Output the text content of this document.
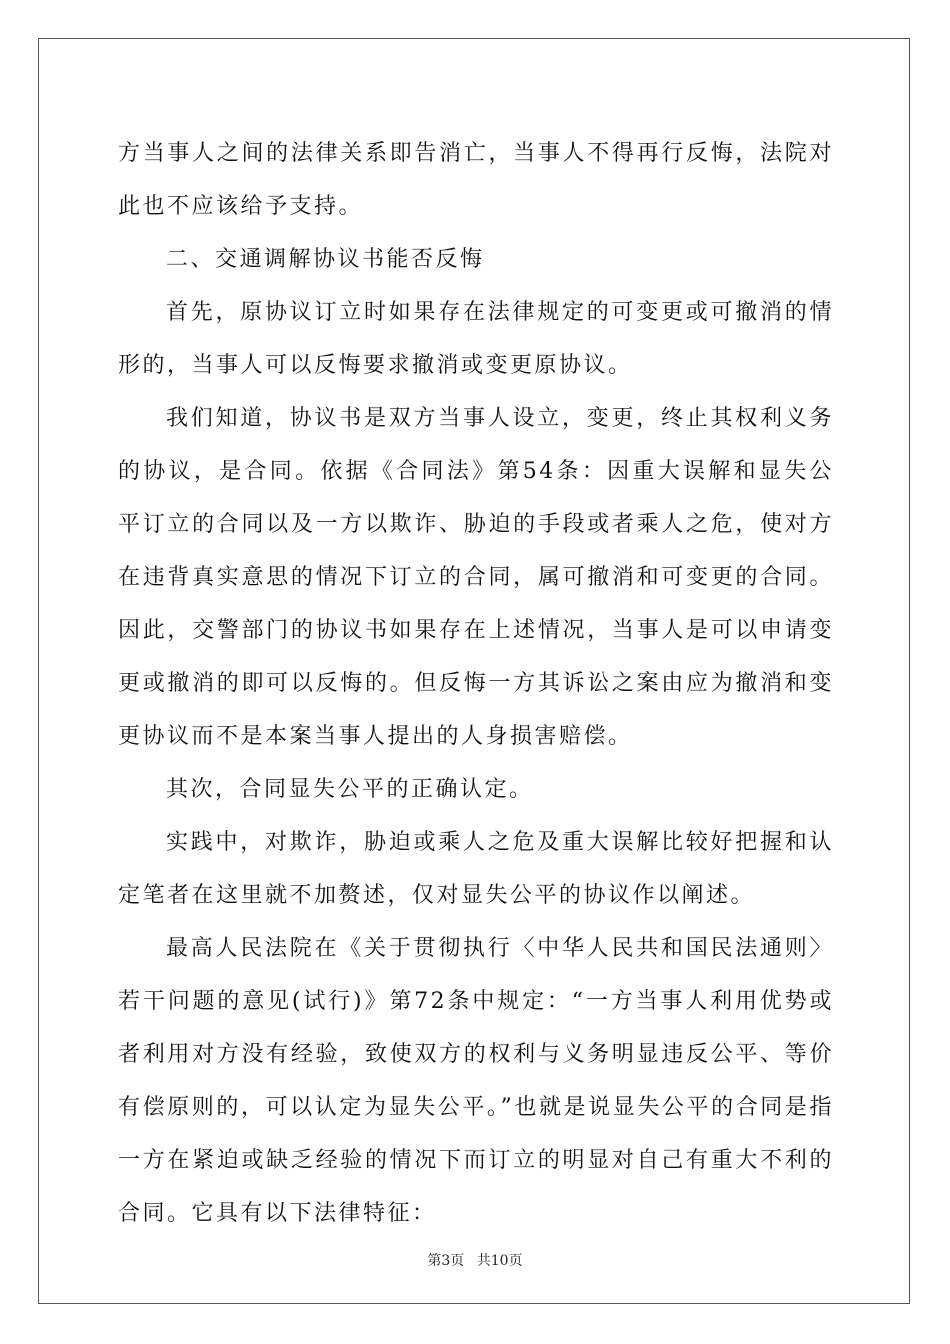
方当事人之间的法律关系即告消亡，当事人不得再行反悔，法院对此也不应该给予支持。

二、交通调解协议书能否反悔

首先，原协议订立时如果存在法律规定的可变更或可撤消的情形的，当事人可以反悔要求撤消或变更原协议。

我们知道，协议书是双方当事人设立，变更，终止其权利义务的协议，是合同。依据《合同法》第54条：因重大误解和显失公平订立的合同以及一方以欺诈、胁迫的手段或者乘人之危，使对方在违背真实意思的情况下订立的合同，属可撤消和可变更的合同。因此，交警部门的协议书如果存在上述情况，当事人是可以申请变更或撤消的即可以反悔的。但反悔一方其诉讼之案由应为撤消和变更协议而不是本案当事人提出的人身损害赔偿。

其次，合同显失公平的正确认定。

实践中，对欺诈，胁迫或乘人之危及重大误解比较好把握和认定笔者在这里就不加赘述，仅对显失公平的协议作以阐述。

最高人民法院在《关于贯彻执行〈中华人民共和国民法通则〉若干问题的意见(试行)》第72条中规定：“一方当事人利用优势或者利用对方没有经验，致使双方的权利与义务明显违反公平、等价有偿原则的，可以认定为显失公平。”也就是说显失公平的合同是指一方在紧迫或缺乏经验的情况下而订立的明显对自己有重大不利的合同。它具有以下法律特征：

第3页 共10页
